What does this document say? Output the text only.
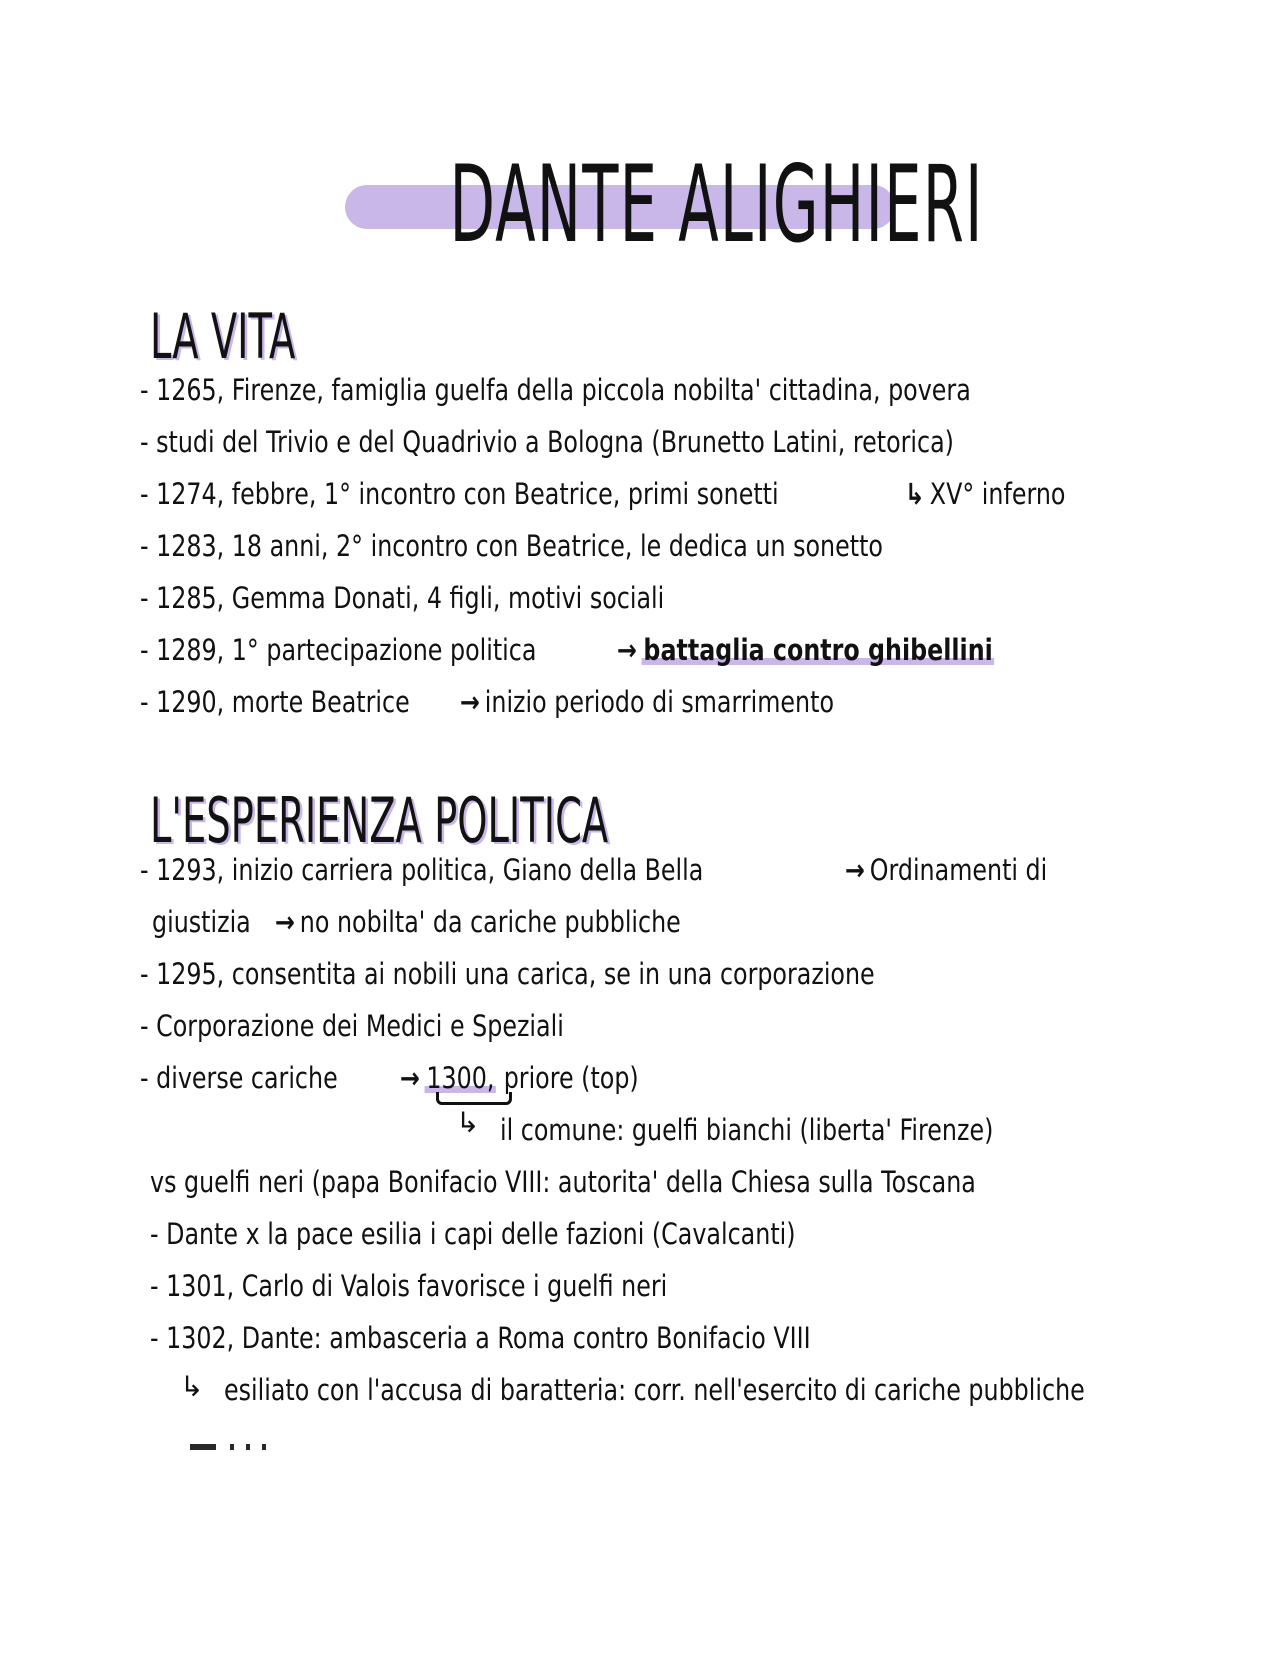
DANTE ALIGHIERI
LA VITA
- 1265, Firenze, famiglia guelfa della piccola nobilta' cittadina, povera
- studi del Trivio e del Quadrivio a Bologna (Brunetto Latini, retorica)
- 1274, febbre, 1° incontro con Beatrice, primi sonetti	↳ XV° inferno
- 1283, 18 anni, 2° incontro con Beatrice, le dedica un sonetto
- 1285, Gemma Donati, 4 figli, motivi sociali
- 1289, 1° partecipazione politica	→ battaglia contro ghibellini
- 1290, morte Beatrice → inizio periodo di smarrimento
L'ESPERIENZA POLITICA
- 1293, inizio carriera politica, Giano della Bella	→ Ordinamenti di
giustizia → no nobilta' da cariche pubbliche
- 1295, consentita ai nobili una carica, se in una corporazione
- Corporazione dei Medici e Speziali
- diverse cariche → 1300, priore (top)
↳ il comune: guelfi bianchi (liberta' Firenze)
vs guelfi neri (papa Bonifacio VIII: autorita' della Chiesa sulla Toscana
- Dante x la pace esilia i capi delle fazioni (Cavalcanti)
- 1301, Carlo di Valois favorisce i guelfi neri
- 1302, Dante: ambasceria a Roma contro Bonifacio VIII
↳ esiliato con l'accusa di baratteria: corr. nell'esercito di cariche pubbliche
